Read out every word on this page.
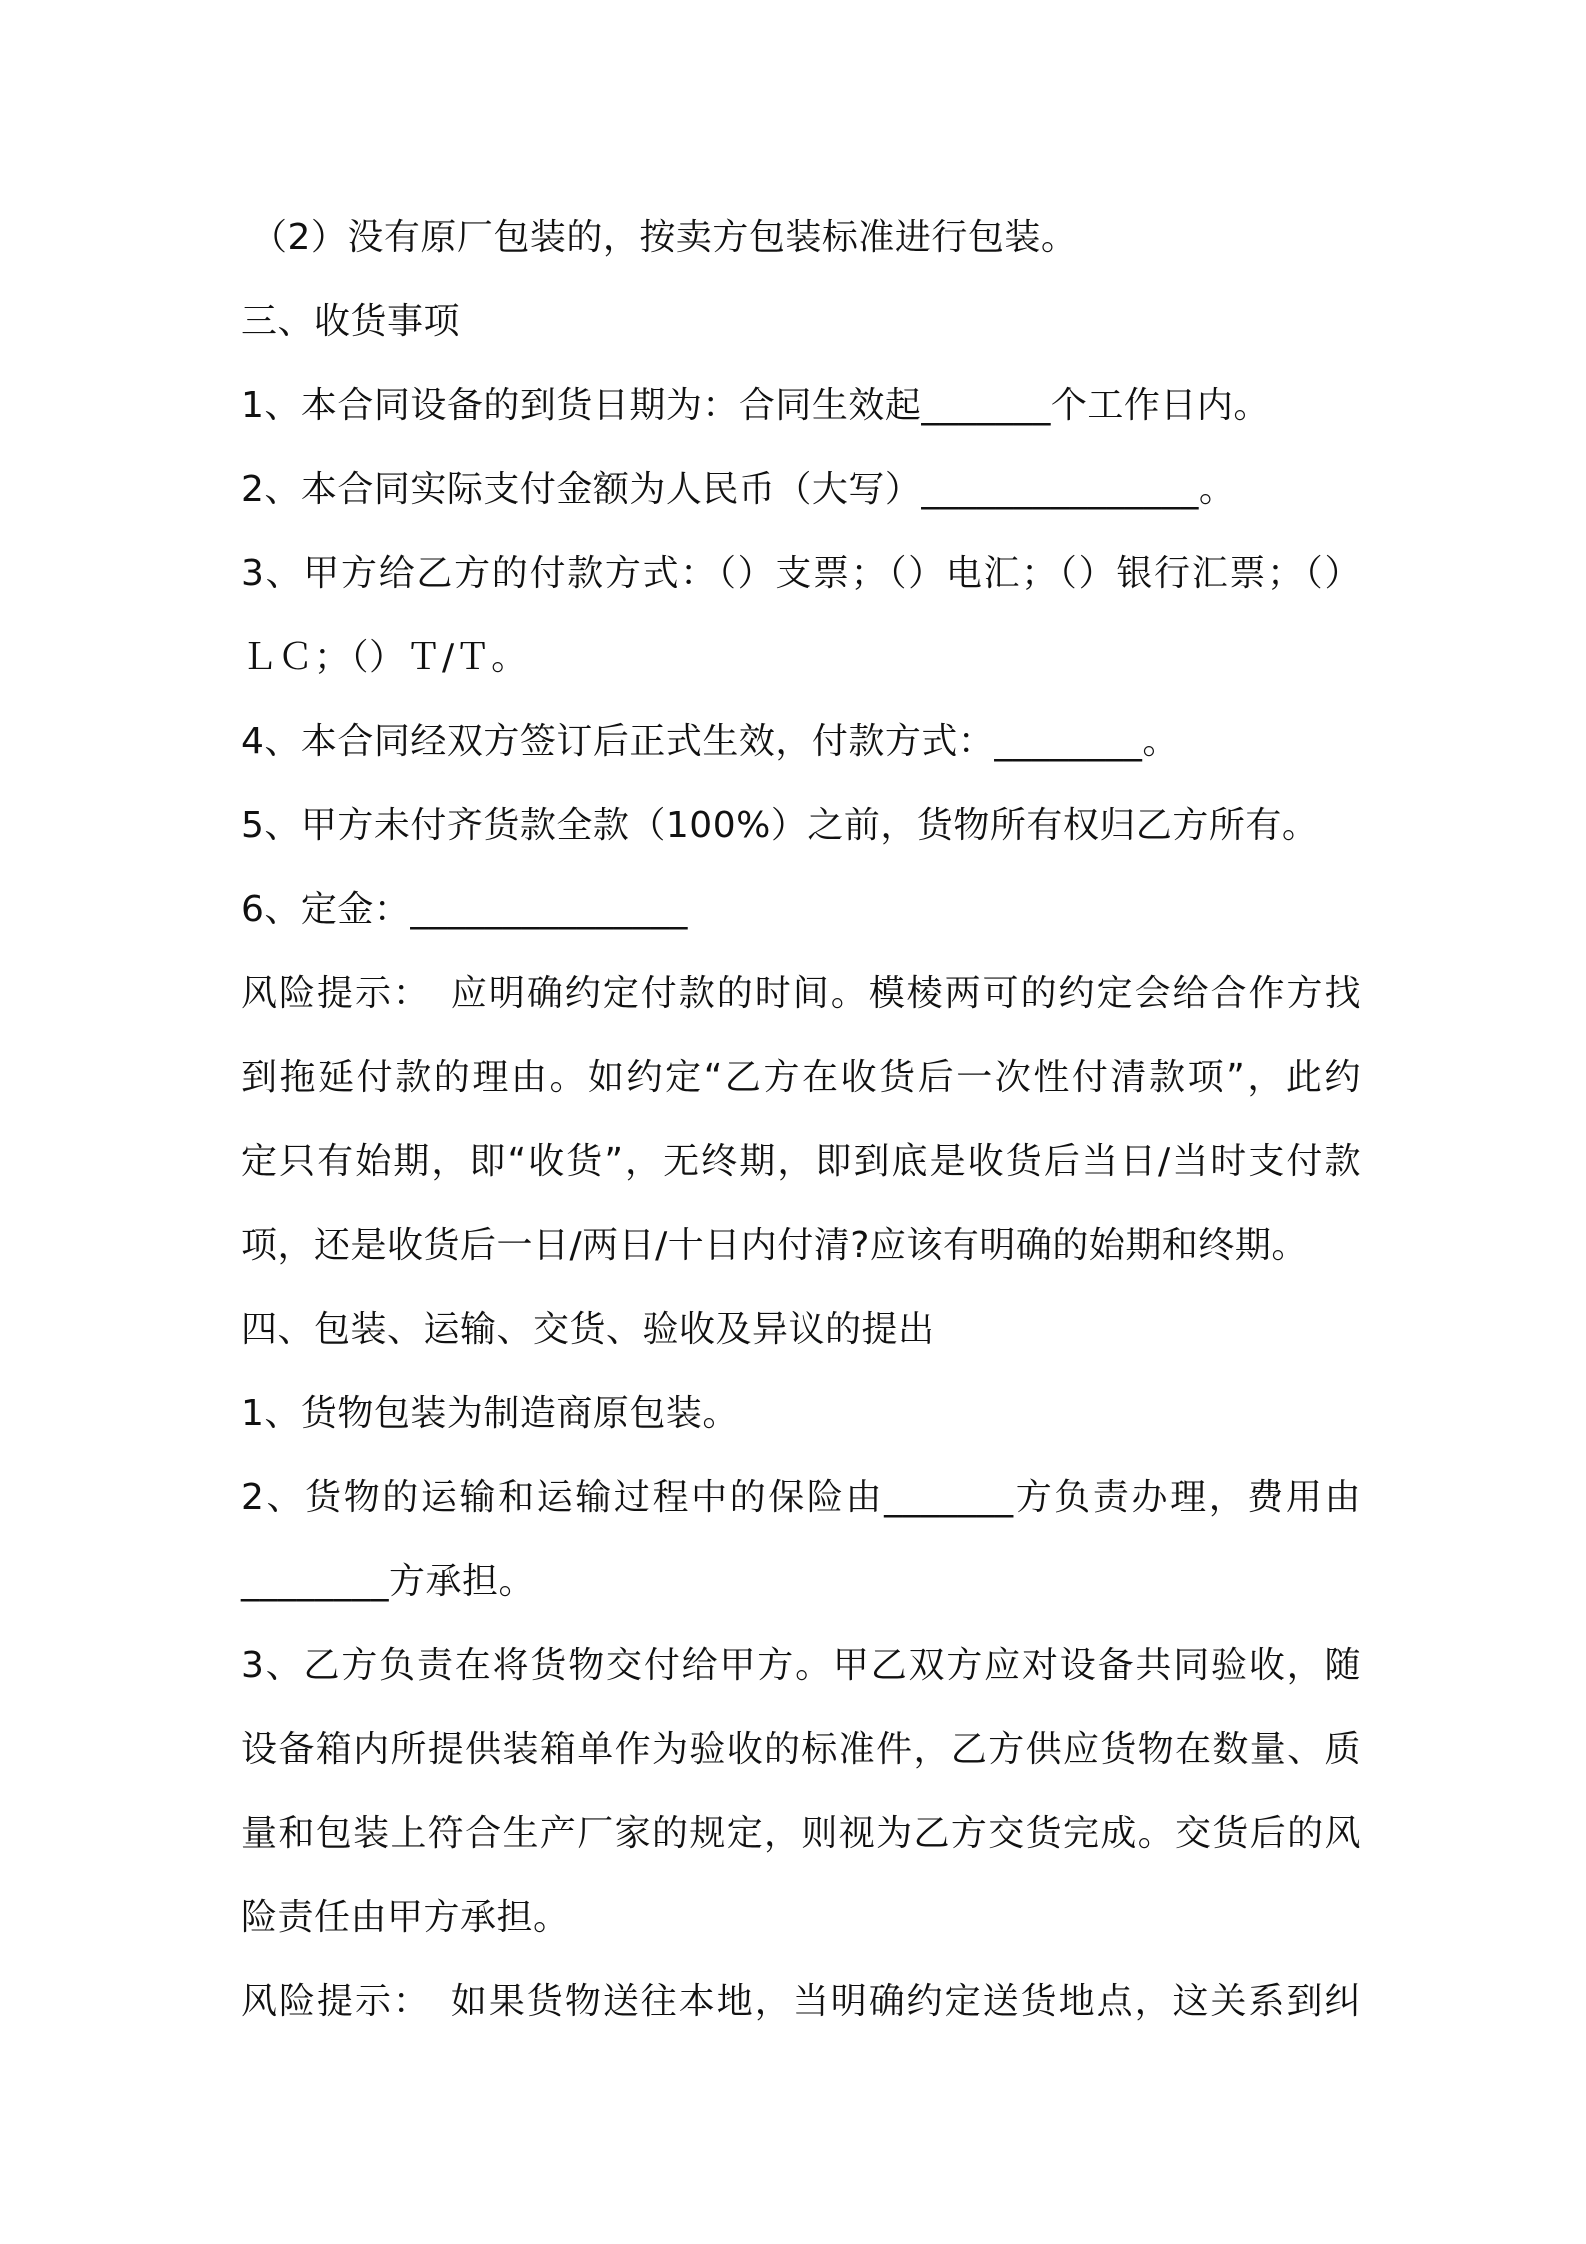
（2）没有原厂包装的，按卖方包装标准进行包装。
三、收货事项
1、本合同设备的到货日期为：合同生效起_______个工作日内。
2、本合同实际支付金额为人民币（大写）_______________。
3、甲方给乙方的付款方式：（）支票；（）电汇；（）银行汇票；（）
ＬＣ；（）Ｔ/Ｔ。
4、本合同经双方签订后正式生效，付款方式：________。
5、甲方未付齐货款全款（100%）之前，货物所有权归乙方所有。
6、定金：_______________
风险提示：　应明确约定付款的时间。模棱两可的约定会给合作方找
到拖延付款的理由。如约定“乙方在收货后一次性付清款项”，此约
定只有始期，即“收货”，无终期，即到底是收货后当日/当时支付款
项，还是收货后一日/两日/十日内付清?应该有明确的始期和终期。
四、包装、运输、交货、验收及异议的提出
1、货物包装为制造商原包装。
2、货物的运输和运输过程中的保险由_______方负责办理，费用由
________方承担。
3、乙方负责在将货物交付给甲方。甲乙双方应对设备共同验收，随
设备箱内所提供装箱单作为验收的标准件，乙方供应货物在数量、质
量和包装上符合生产厂家的规定，则视为乙方交货完成。交货后的风
险责任由甲方承担。
风险提示：　如果货物送往本地，当明确约定送货地点，这关系到纠
